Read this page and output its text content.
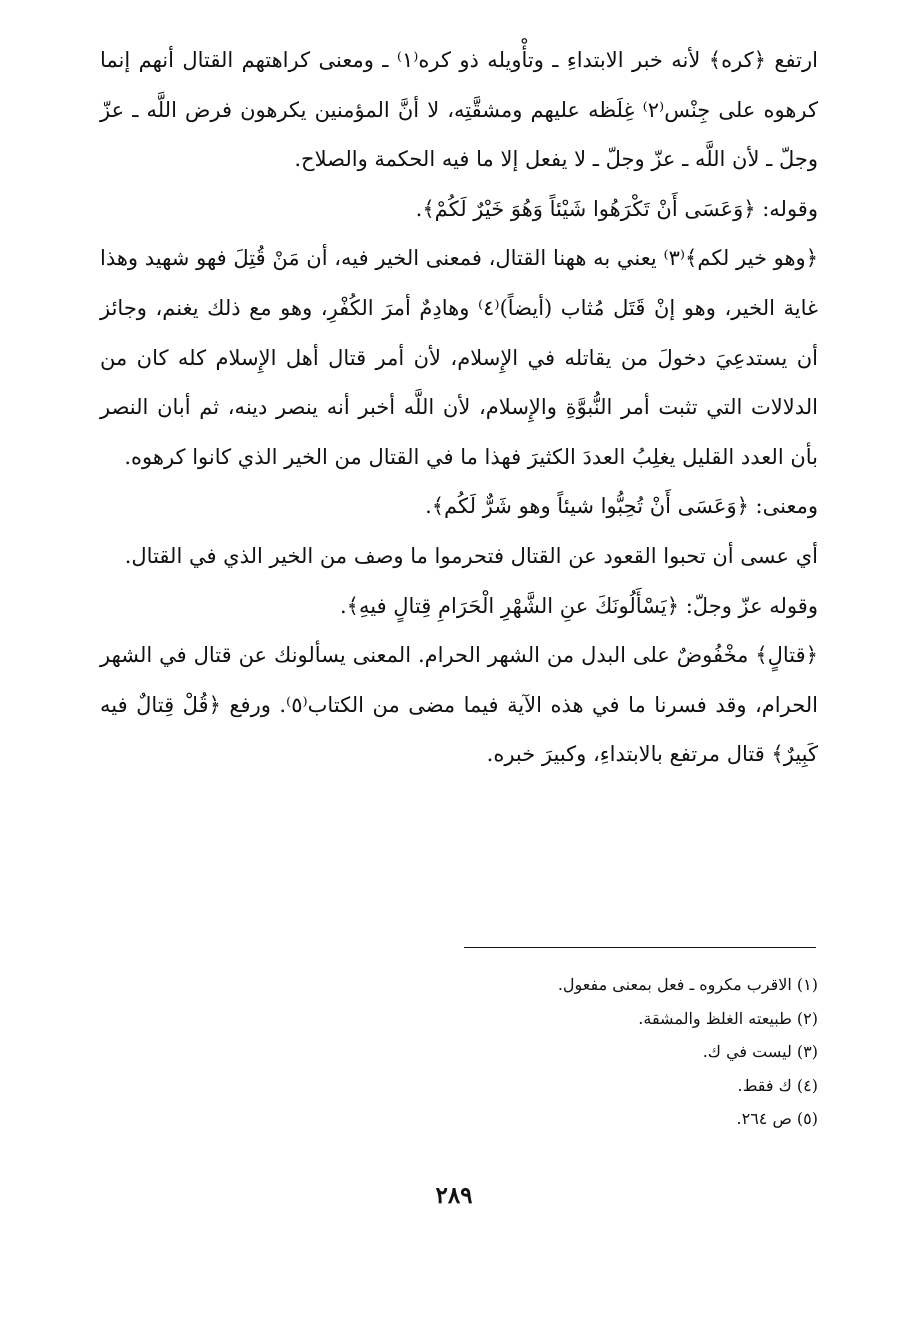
ارتفع ﴿كره﴾ لأنه خبر الابتداءِ ـ وتأْويله ذو كره⁽١⁾ ـ ومعنى كراهتهم القتال أنهم إنما كرهوه على جِنْس⁽٢⁾ غِلَظه عليهم ومشقَّتِه، لا أنَّ المؤمنين يكرهون فرض اللَّه ـ عزّ وجلّ ـ لأن اللَّه ـ عزّ وجلّ ـ لا يفعل إلا ما فيه الحكمة والصلاح.

وقوله: ﴿وَعَسَى أَنْ تَكْرَهُوا شَيْئاً وَهُوَ خَيْرٌ لَكُمْ﴾.

﴿وهو خير لكم﴾⁽٣⁾ يعني به ههنا القتال، فمعنى الخير فيه، أن مَنْ قُتِلَ فهو شهيد وهذا غاية الخير، وهو إنْ قَتَل مُثاب (أيضاً)⁽٤⁾ وهادِمٌ أمرَ الكُفْرِ، وهو مع ذلك يغنم، وجائز أن يستدعِيَ دخولَ من يقاتله في الإِسلام، لأن أمر قتال أهل الإِسلام كله كان من الدلالات التي تثبت أمر النُّبوَّةِ والإِسلام، لأن اللَّه أخبر أنه ينصر دينه، ثم أبان النصر بأن العدد القليل يغلِبُ العددَ الكثيرَ فهذا ما في القتال من الخير الذي كانوا كرهوه.

ومعنى: ﴿وَعَسَى أَنْ تُحِبُّوا شيئاً وهو شَرٌّ لَكُم﴾.

أي عسى أن تحبوا القعود عن القتال فتحرموا ما وصف من الخير الذي في القتال.

وقوله عزّ وجلّ: ﴿يَسْأَلُونَكَ عنِ الشَّهْرِ الْحَرَامِ قِتالٍ فيهِ﴾.

﴿قتالٍ﴾ مخْفُوضٌ على البدل من الشهر الحرام. المعنى يسألونك عن قتال في الشهر الحرام، وقد فسرنا ما في هذه الآية فيما مضى من الكتاب⁽٥⁾. ورفع ﴿قُلْ قِتالٌ فيه كَبِيرٌ﴾ قتال مرتفع بالابتداءِ، وكبيرَ خبره.

(١) الاقرب مكروه ـ فعل بمعنى مفعول.
(٢) طبيعته الغلظ والمشقة.
(٣) ليست في ك.
(٤) ك فقط.
(٥) ص ٢٦٤.
٢٨٩
